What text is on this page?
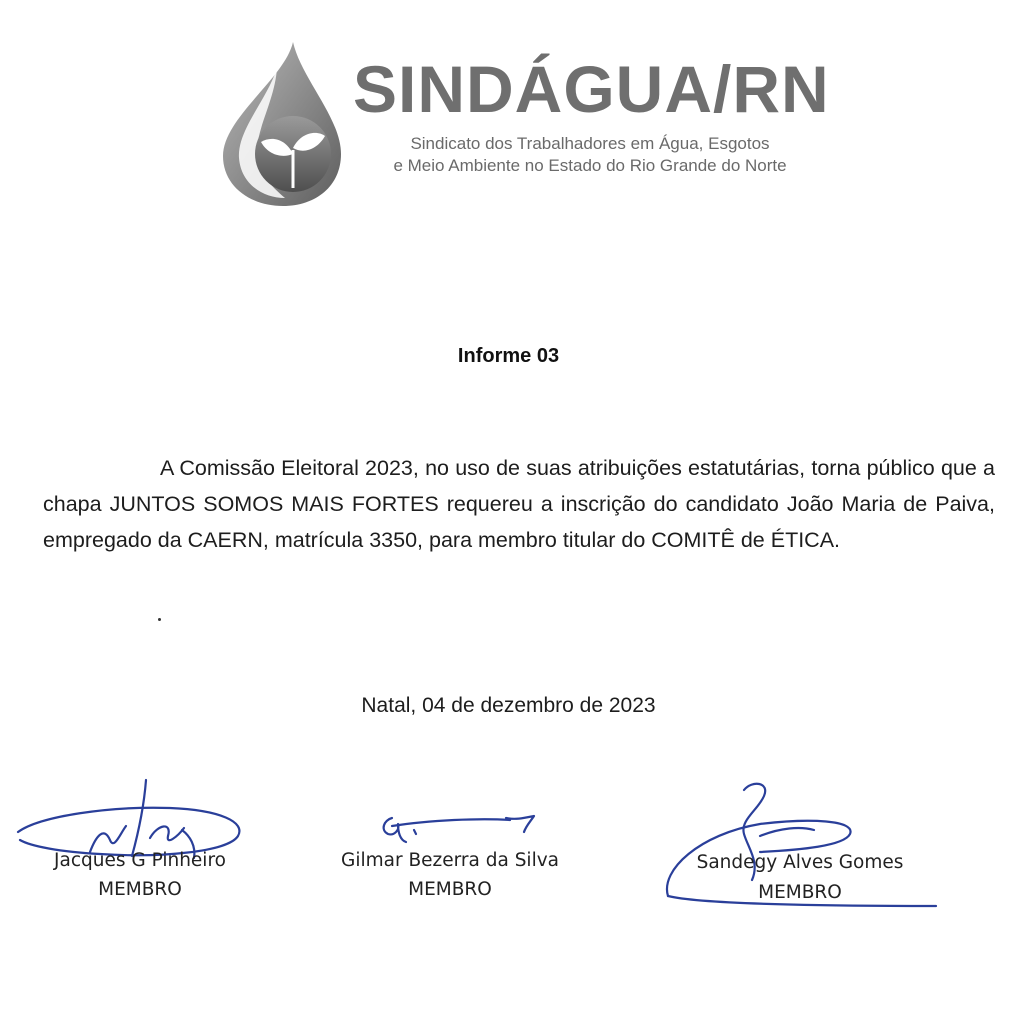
SINDÁGUA/RN
Sindicato dos Trabalhadores em Água, Esgotos
e Meio Ambiente no Estado do Rio Grande do Norte
Informe 03
A Comissão Eleitoral 2023, no uso de suas atribuições estatutárias, torna público que a chapa JUNTOS SOMOS MAIS FORTES requereu a inscrição do candidato João Maria de Paiva, empregado da CAERN, matrícula 3350, para membro titular do COMITÊ de ÉTICA.
Natal, 04 de dezembro de 2023
Jacques G Pinheiro
MEMBRO
Gilmar Bezerra da Silva
MEMBRO
Sandegy Alves Gomes
MEMBRO
